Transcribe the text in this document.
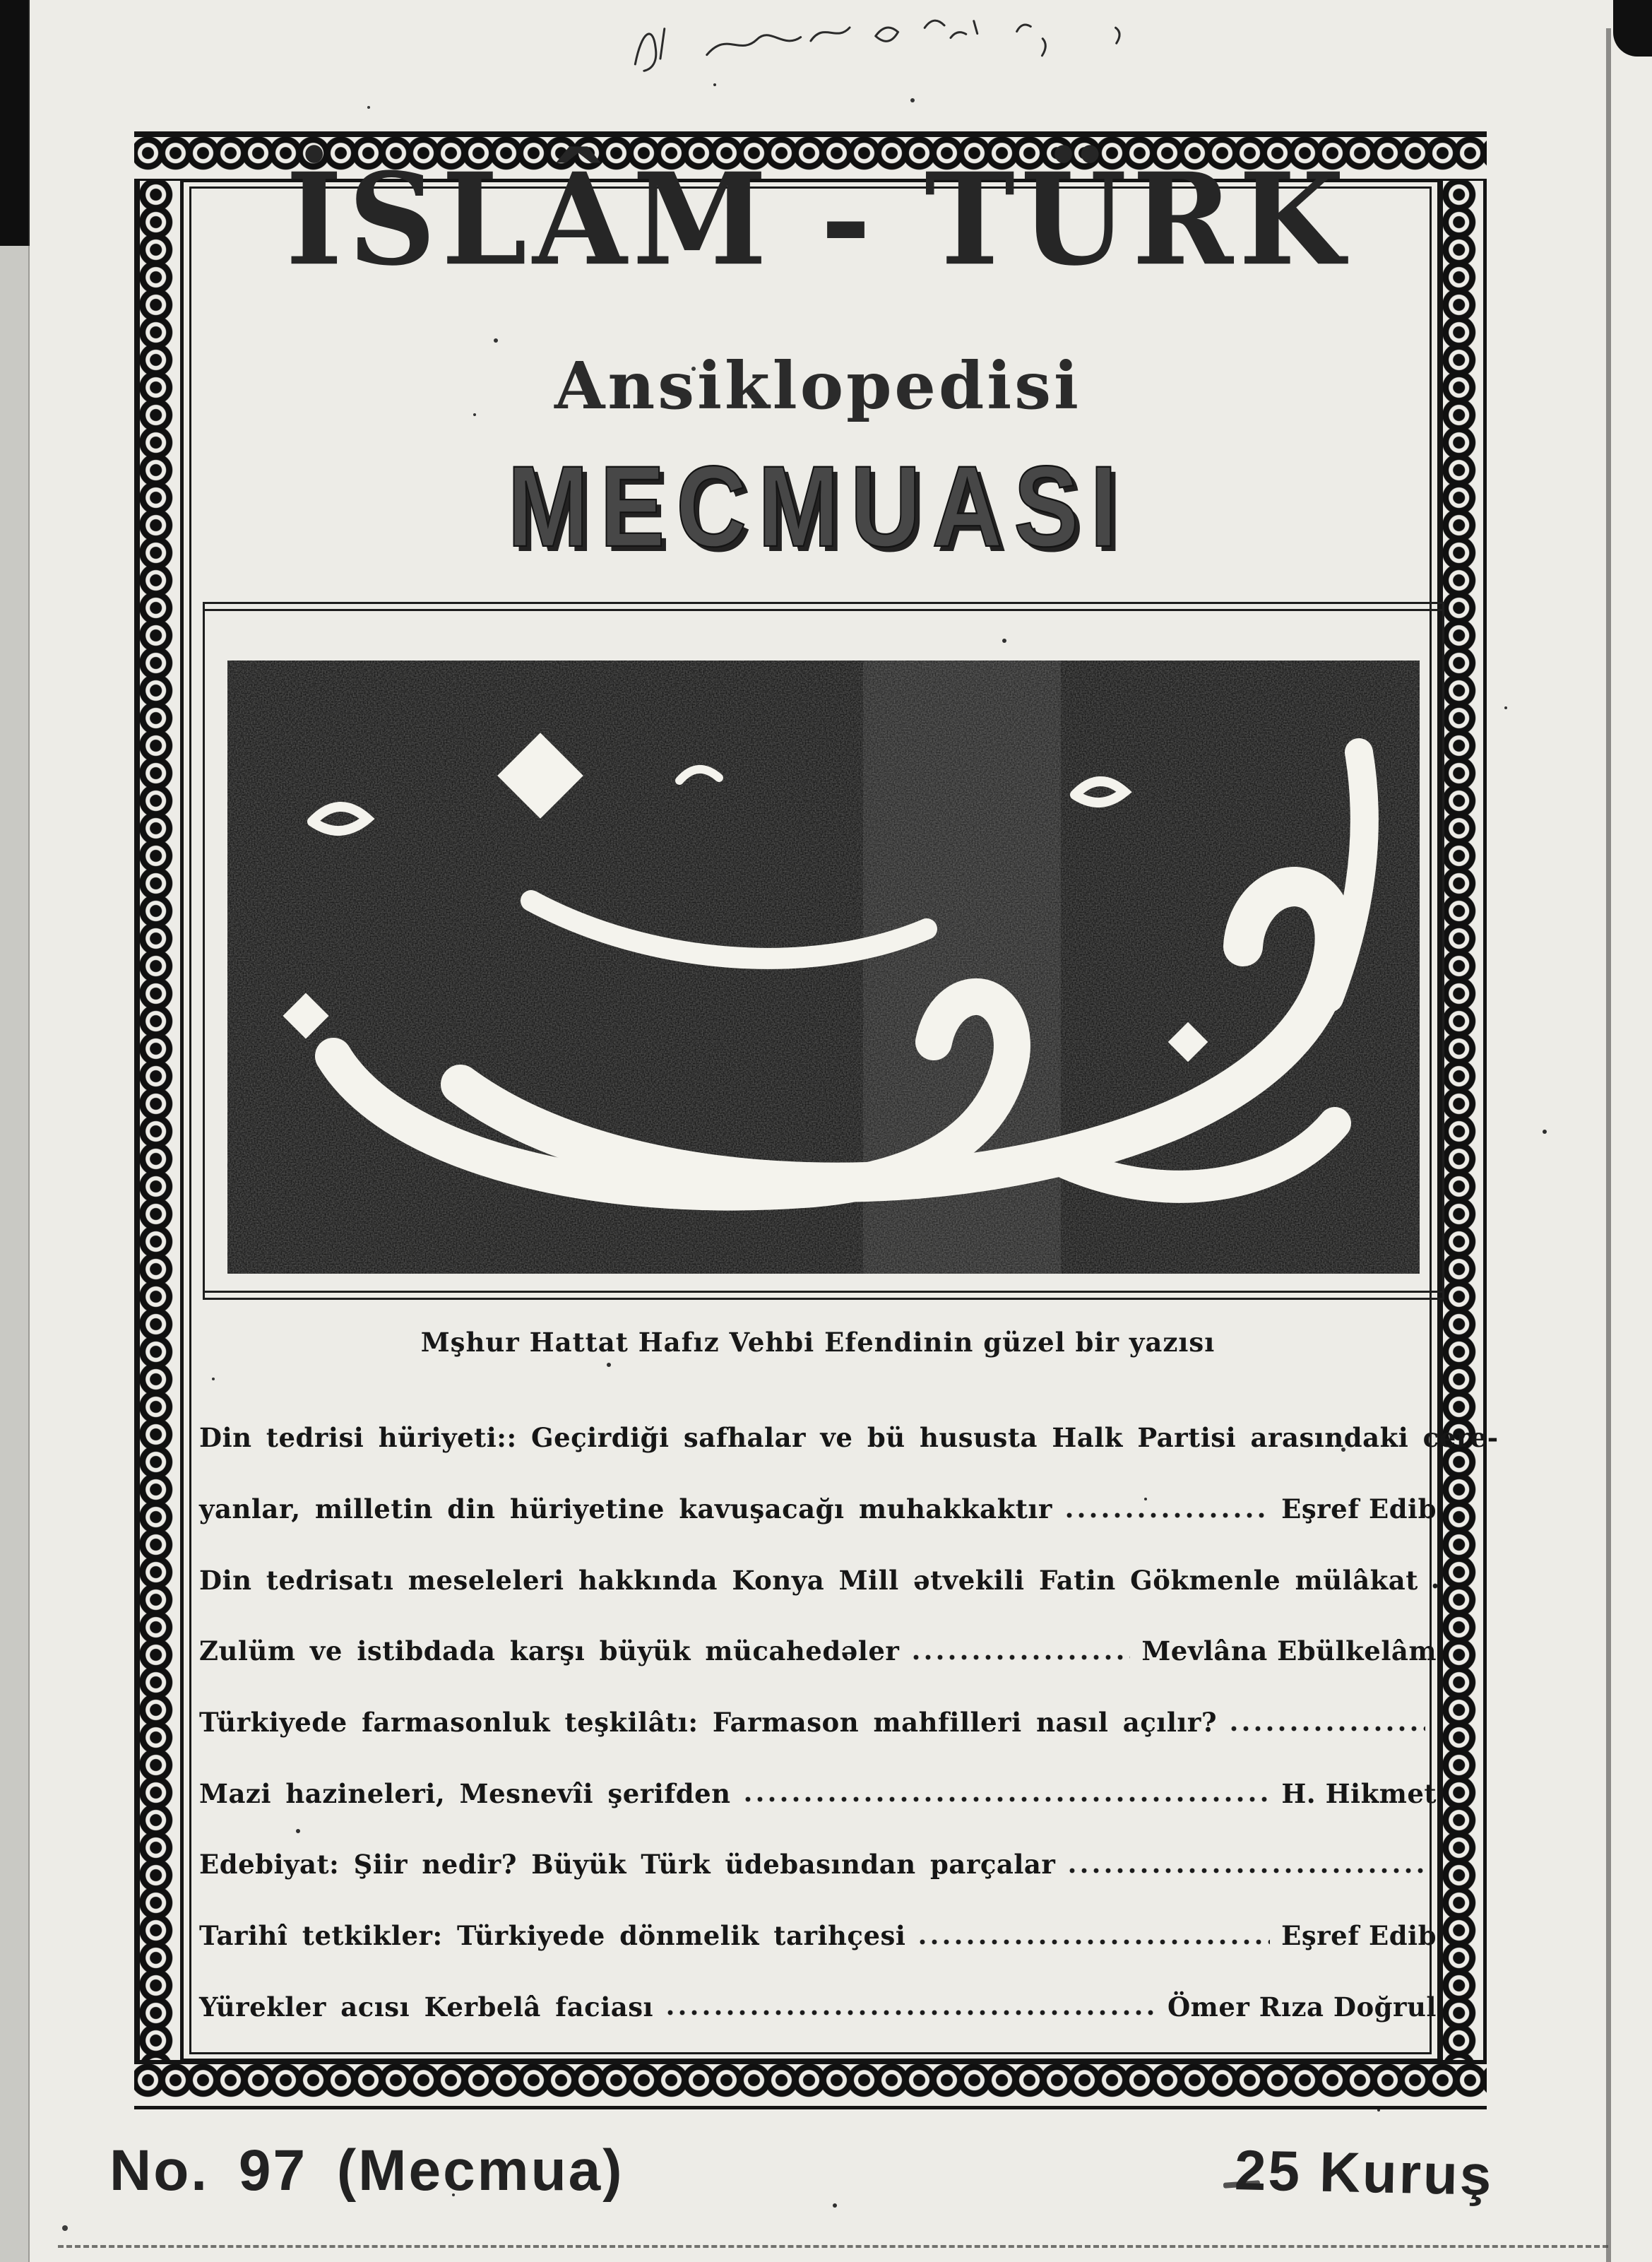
İSLÂM - TÜRK
Ansiklopedisi
MECMUASI
Mşhur Hattat Hafız Vehbi Efendinin güzel bir yazısı
Din tedrisi hüriyeti:: Geçirdiği safhalar ve bü hususta Halk Partisi arasındaki cere-
yanlar, milletin din hüriyetine kavuşacağı muhakkaktır	Eşref Edib
Din tedrisatı meseleleri hakkında Konya Mill ǝtvekili Fatin Gökmenle mülâkat
Zulüm ve istibdada karşı büyük mücahedǝler	Mevlâna Ebülkelâm
Türkiyede farmasonluk teşkilâtı: Farmason mahfilleri nasıl açılır?
Mazi hazineleri, Mesnevîi şerifden	H. Hikmet
Edebiyat: Şiir nedir? Büyük Türk üdebasından parçalar
Tarihî tetkikler: Türkiyede dönmelik tarihçesi	Eşref Edib
Yürekler acısı Kerbelâ faciası	Ömer Rıza Doğrul
No. 97 (Mecmua)	25 Kuruş
